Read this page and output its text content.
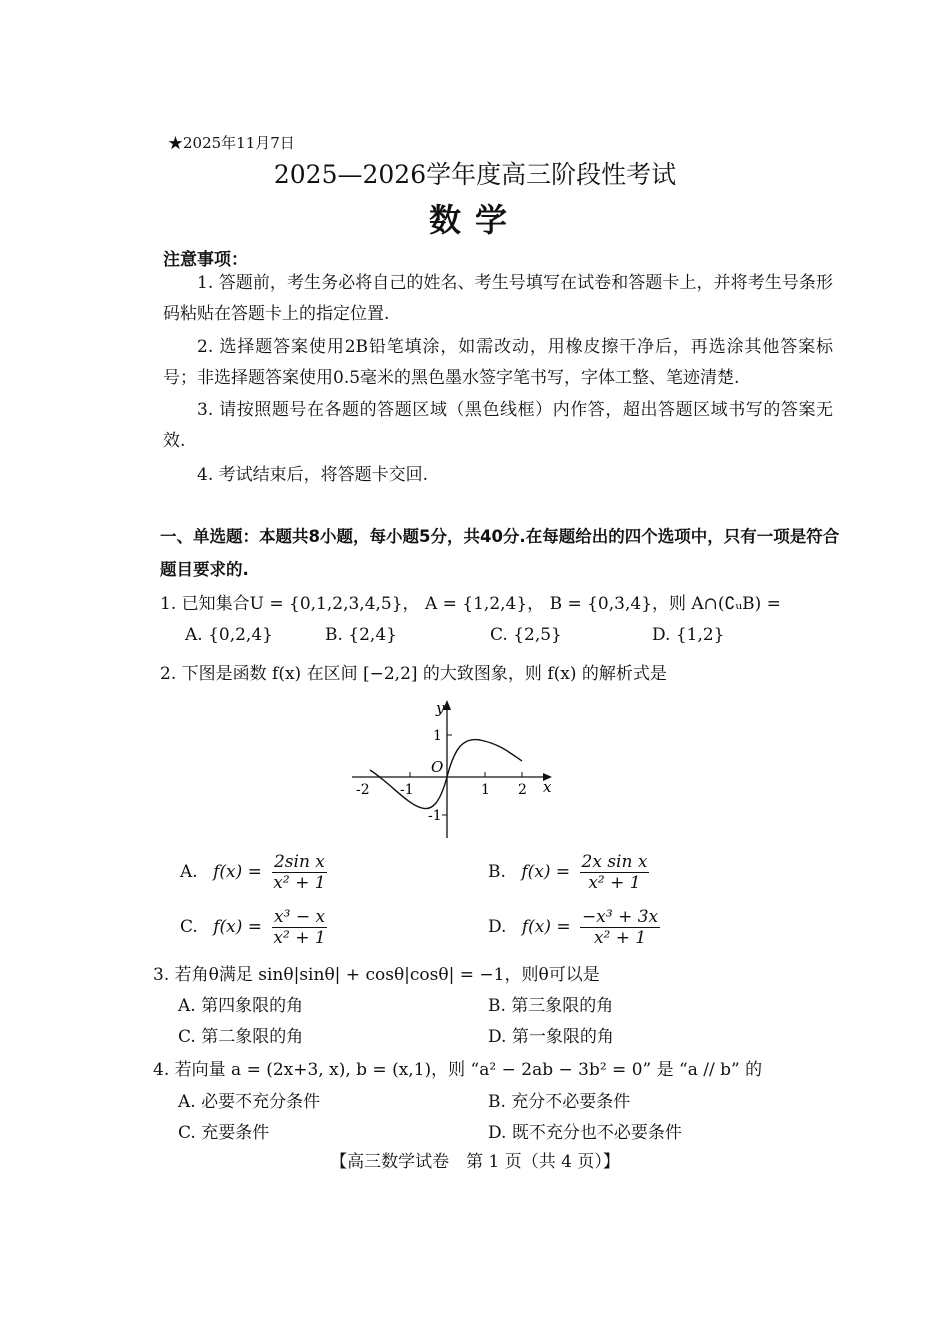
★2025年11月7日
2025—2026学年度高三阶段性考试
数学
注意事项：
1. 答题前，考生务必将自己的姓名、考生号填写在试卷和答题卡上，并将考生号条形码粘贴在答题卡上的指定位置.
2. 选择题答案使用2B铅笔填涂，如需改动，用橡皮擦干净后，再选涂其他答案标号；非选择题答案使用0.5毫米的黑色墨水签字笔书写，字体工整、笔迹清楚.
3. 请按照题号在各题的答题区域（黑色线框）内作答，超出答题区域书写的答案无效.
4. 考试结束后，将答题卡交回.
一、单选题：本题共8小题，每小题5分，共40分.在每题给出的四个选项中，只有一项是符合题目要求的.
1. 已知集合U = {0,1,2,3,4,5}， A = {1,2,4}， B = {0,3,4}，则 A∩(∁ᵤB) =
A. {0,2,4}	B. {2,4}	C. {2,5}	D. {1,2}
2. 下图是函数 f(x) 在区间 [−2,2] 的大致图象，则 f(x) 的解析式是
y
x
O
-2 -1	1 2
1
-1
A. $f(x) = \frac{\text{2sin x}}{\text{x² + 1}}$	B. $f(x) = \frac{\text{2x sin x}}{\text{x² + 1}}$
C. $f(x) = \frac{\text{x³ − x}}{\text{x² + 1}}$	D. $f(x) = \frac{\text{−x³ + 3x}}{\text{x² + 1}}$
3. 若角θ满足 sinθ|sinθ| + cosθ|cosθ| = −1，则θ可以是
A. 第四象限的角	B. 第三象限的角
C. 第二象限的角	D. 第一象限的角
4. 若向量 a = (2x+3, x), b = (x,1)，则 “a² − 2ab − 3b² = 0” 是 “a // b” 的
A. 必要不充分条件	B. 充分不必要条件
C. 充要条件	D. 既不充分也不必要条件
【高三数学试卷　第 1 页（共 4 页）】
